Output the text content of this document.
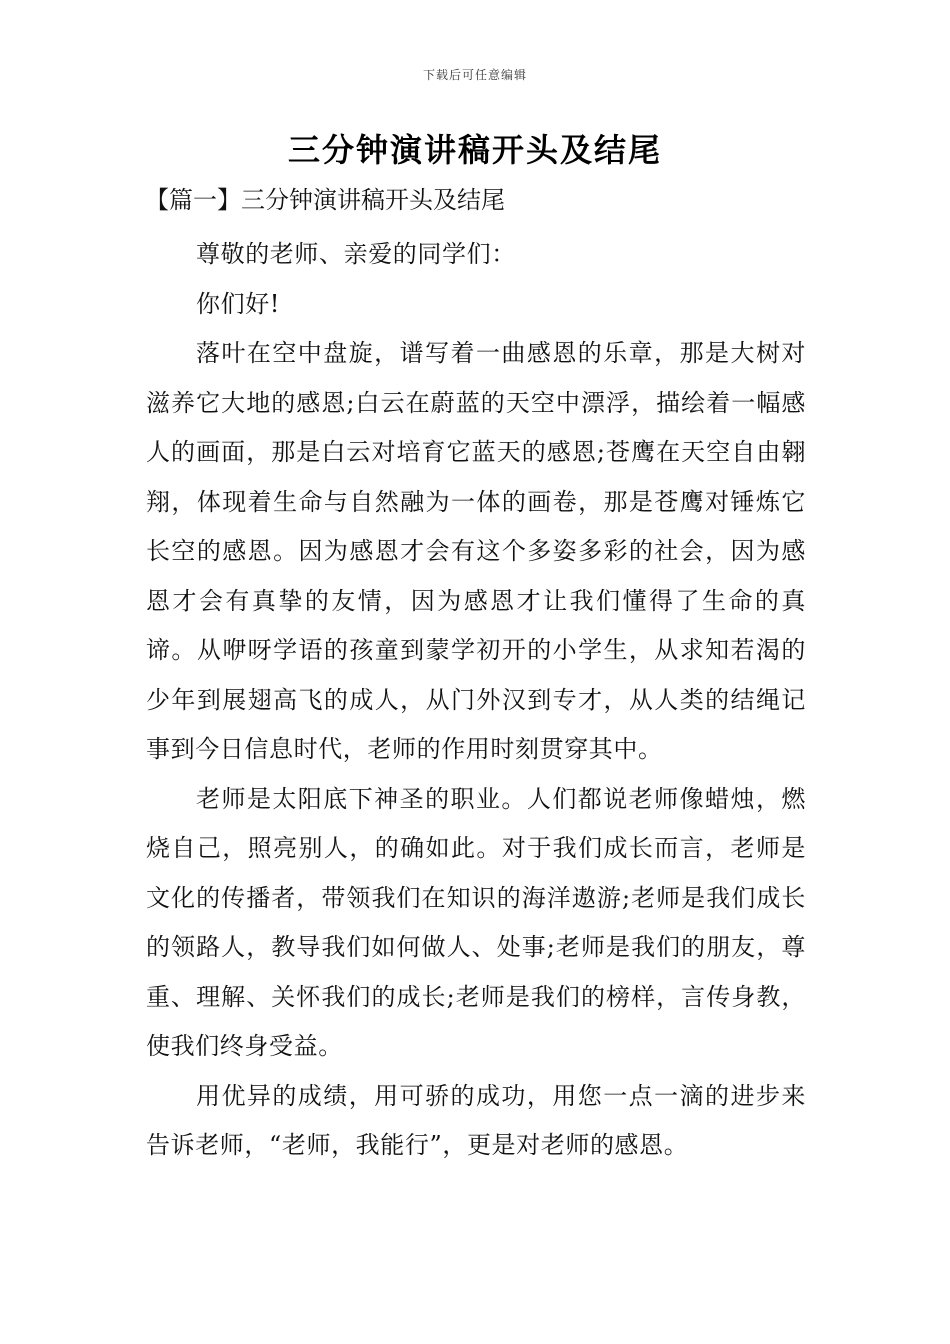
下载后可任意编辑
三分钟演讲稿开头及结尾
【篇一】三分钟演讲稿开头及结尾

尊敬的老师、亲爱的同学们：

你们好!

落叶在空中盘旋，谱写着一曲感恩的乐章，那是大树对滋养它大地的感恩;白云在蔚蓝的天空中漂浮，描绘着一幅感人的画面，那是白云对培育它蓝天的感恩;苍鹰在天空自由翱翔，体现着生命与自然融为一体的画卷，那是苍鹰对锤炼它长空的感恩。因为感恩才会有这个多姿多彩的社会，因为感恩才会有真挚的友情，因为感恩才让我们懂得了生命的真谛。从咿呀学语的孩童到蒙学初开的小学生，从求知若渴的少年到展翅高飞的成人，从门外汉到专才，从人类的结绳记事到今日信息时代，老师的作用时刻贯穿其中。

老师是太阳底下神圣的职业。人们都说老师像蜡烛，燃烧自己，照亮别人，的确如此。对于我们成长而言，老师是文化的传播者，带领我们在知识的海洋遨游;老师是我们成长的领路人，教导我们如何做人、处事;老师是我们的朋友，尊重、理解、关怀我们的成长;老师是我们的榜样，言传身教，使我们终身受益。

用优异的成绩，用可骄的成功，用您一点一滴的进步来告诉老师，“老师，我能行”，更是对老师的感恩。
